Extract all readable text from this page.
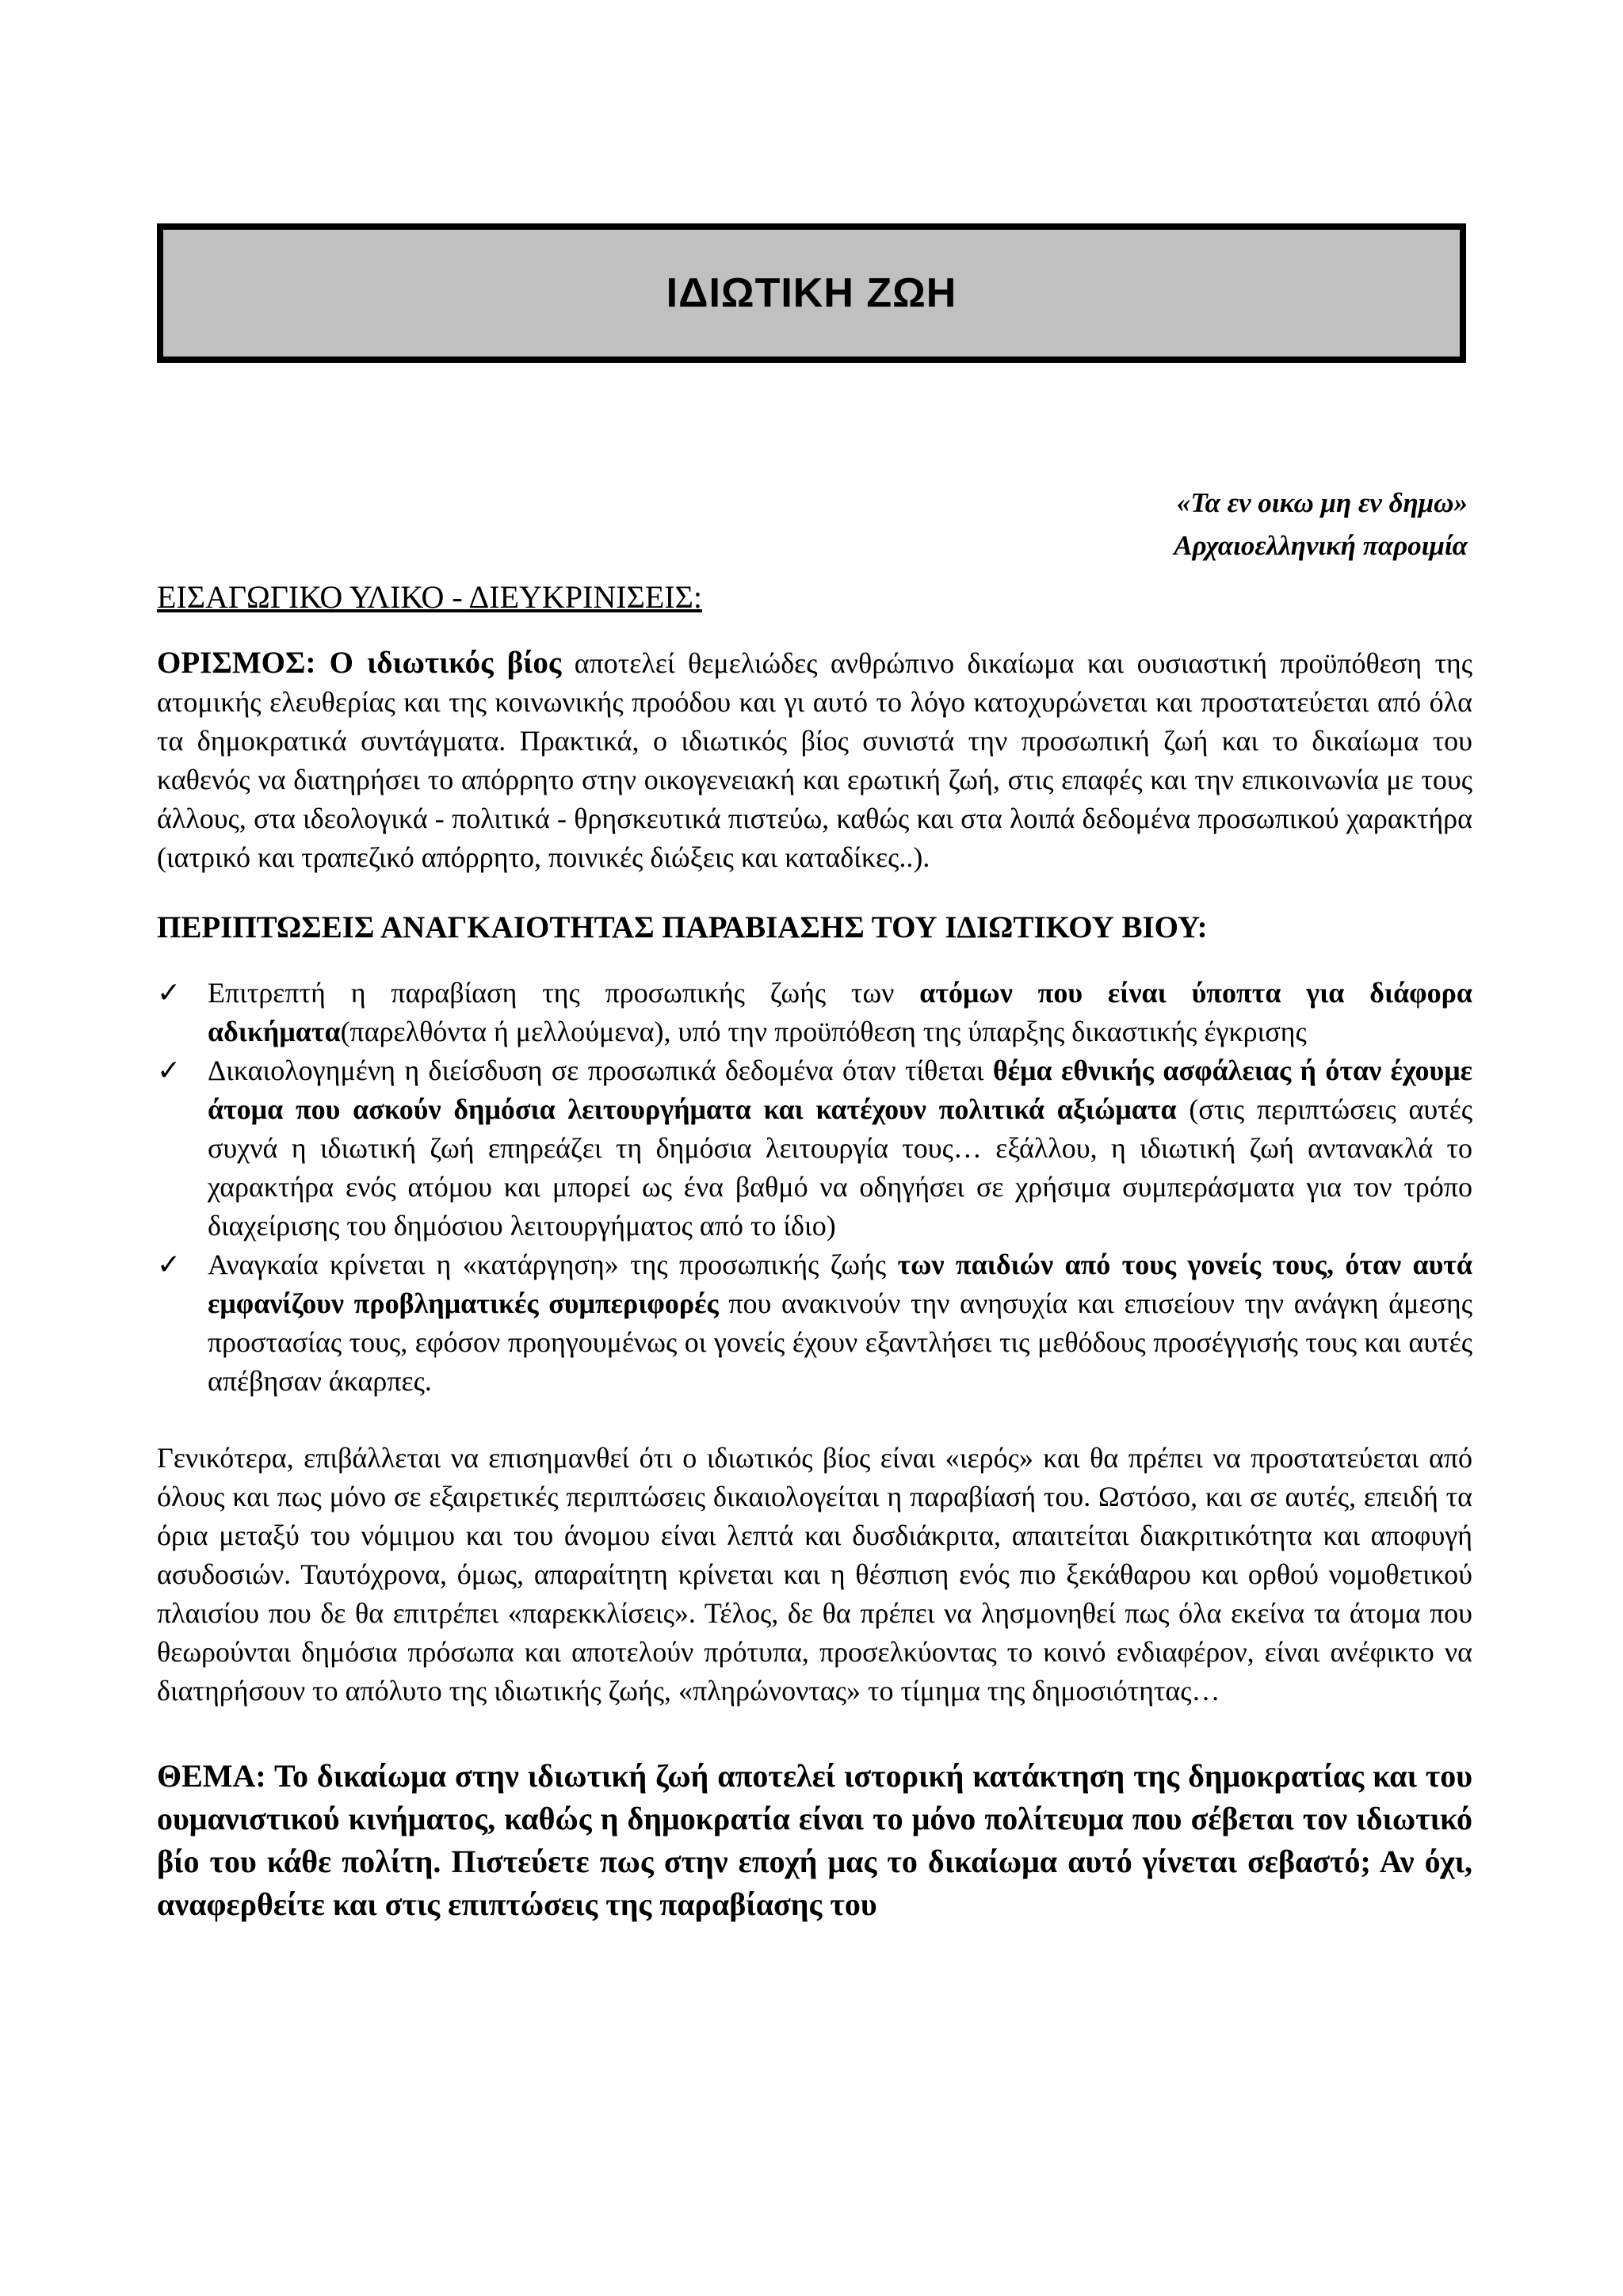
ΙΔΙΩΤΙΚΗ ΖΩΗ
«Τα εν οικω μη εν δημω»
Αρχαιοελληνική παροιμία
ΕΙΣΑΓΩΓΙΚΟ ΥΛΙΚΟ - ΔΙΕΥΚΡΙΝΙΣΕΙΣ:

ΟΡΙΣΜΟΣ: Ο ιδιωτικός βίος αποτελεί θεμελιώδες ανθρώπινο δικαίωμα και ουσιαστική προϋπόθεση της ατομικής ελευθερίας και της κοινωνικής προόδου και γι αυτό το λόγο κατοχυρώνεται και προστατεύεται από όλα τα δημοκρατικά συντάγματα. Πρακτικά, ο ιδιωτικός βίος συνιστά την προσωπική ζωή και το δικαίωμα του καθενός να διατηρήσει το απόρρητο στην οικογενειακή και ερωτική ζωή, στις επαφές και την επικοινωνία με τους άλλους, στα ιδεολογικά - πολιτικά - θρησκευτικά πιστεύω, καθώς και στα λοιπά δεδομένα προσωπικού χαρακτήρα (ιατρικό και τραπεζικό απόρρητο, ποινικές διώξεις και καταδίκες..).

ΠΕΡΙΠΤΩΣΕΙΣ ΑΝΑΓΚΑΙΟΤΗΤΑΣ ΠΑΡΑΒΙΑΣΗΣ ΤΟΥ ΙΔΙΩΤΙΚΟΥ ΒΙΟΥ:
✓ Επιτρεπτή η παραβίαση της προσωπικής ζωής των ατόμων που είναι ύποπτα για διάφορα αδικήματα(παρελθόντα ή μελλούμενα), υπό την προϋπόθεση της ύπαρξης δικαστικής έγκρισης
✓ Δικαιολογημένη η διείσδυση σε προσωπικά δεδομένα όταν τίθεται θέμα εθνικής ασφάλειας ή όταν έχουμε άτομα που ασκούν δημόσια λειτουργήματα και κατέχουν πολιτικά αξιώματα (στις περιπτώσεις αυτές συχνά η ιδιωτική ζωή επηρεάζει τη δημόσια λειτουργία τους… εξάλλου, η ιδιωτική ζωή αντανακλά το χαρακτήρα ενός ατόμου και μπορεί ως ένα βαθμό να οδηγήσει σε χρήσιμα συμπεράσματα για τον τρόπο διαχείρισης του δημόσιου λειτουργήματος από το ίδιο)
✓ Αναγκαία κρίνεται η «κατάργηση» της προσωπικής ζωής των παιδιών από τους γονείς τους, όταν αυτά εμφανίζουν προβληματικές συμπεριφορές που ανακινούν την ανησυχία και επισείουν την ανάγκη άμεσης προστασίας τους, εφόσον προηγουμένως οι γονείς έχουν εξαντλήσει τις μεθόδους προσέγγισής τους και αυτές απέβησαν άκαρπες.

Γενικότερα, επιβάλλεται να επισημανθεί ότι ο ιδιωτικός βίος είναι «ιερός» και θα πρέπει να προστατεύεται από όλους και πως μόνο σε εξαιρετικές περιπτώσεις δικαιολογείται η παραβίασή του. Ωστόσο, και σε αυτές, επειδή τα όρια μεταξύ του νόμιμου και του άνομου είναι λεπτά και δυσδιάκριτα, απαιτείται διακριτικότητα και αποφυγή ασυδοσιών. Ταυτόχρονα, όμως, απαραίτητη κρίνεται και η θέσπιση ενός πιο ξεκάθαρου και ορθού νομοθετικού πλαισίου που δε θα επιτρέπει «παρεκκλίσεις». Τέλος, δε θα πρέπει να λησμονηθεί πως όλα εκείνα τα άτομα που θεωρούνται δημόσια πρόσωπα και αποτελούν πρότυπα, προσελκύοντας το κοινό ενδιαφέρον, είναι ανέφικτο να διατηρήσουν το απόλυτο της ιδιωτικής ζωής, «πληρώνοντας» το τίμημα της δημοσιότητας…

ΘΕΜΑ: Το δικαίωμα στην ιδιωτική ζωή αποτελεί ιστορική κατάκτηση της δημοκρατίας και του ουμανιστικού κινήματος, καθώς η δημοκρατία είναι το μόνο πολίτευμα που σέβεται τον ιδιωτικό βίο του κάθε πολίτη. Πιστεύετε πως στην εποχή μας το δικαίωμα αυτό γίνεται σεβαστό; Αν όχι, αναφερθείτε και στις επιπτώσεις της παραβίασης του
